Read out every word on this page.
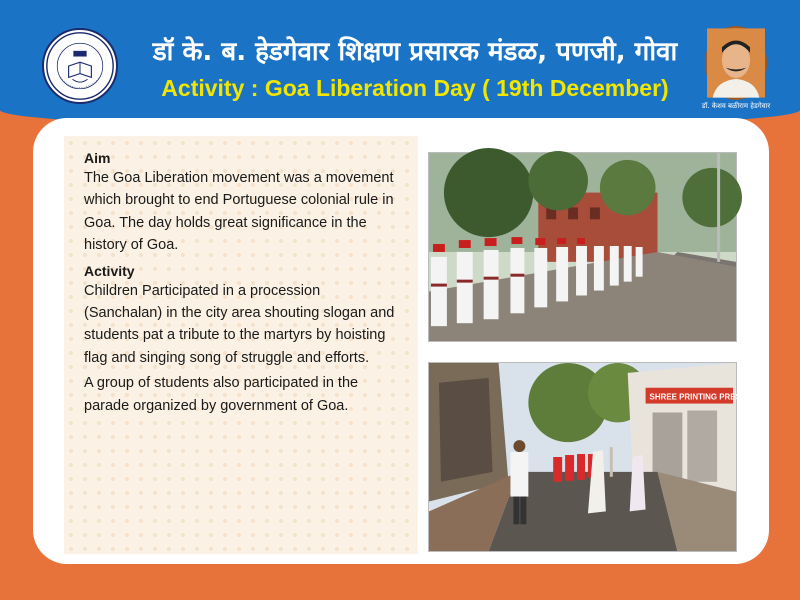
डॉ के. ब. हेडगेवार शिक्षण प्रसारक मंडळ, पणजी, गोवा
Activity : Goa Liberation Day ( 19th December)
डॉ. केशव बळीराम हेडगेवार
Aim

The Goa Liberation movement was a movement which brought to end Portuguese colonial rule in Goa. The day holds great significance in the history of Goa.

Activity

Children Participated in a procession (Sanchalan) in the city area shouting slogan and students pat a tribute to the martyrs by hoisting flag and singing song of struggle and efforts.

A group of students also participated in the parade organized by government of Goa.

SHREE PRINTING PRESS
